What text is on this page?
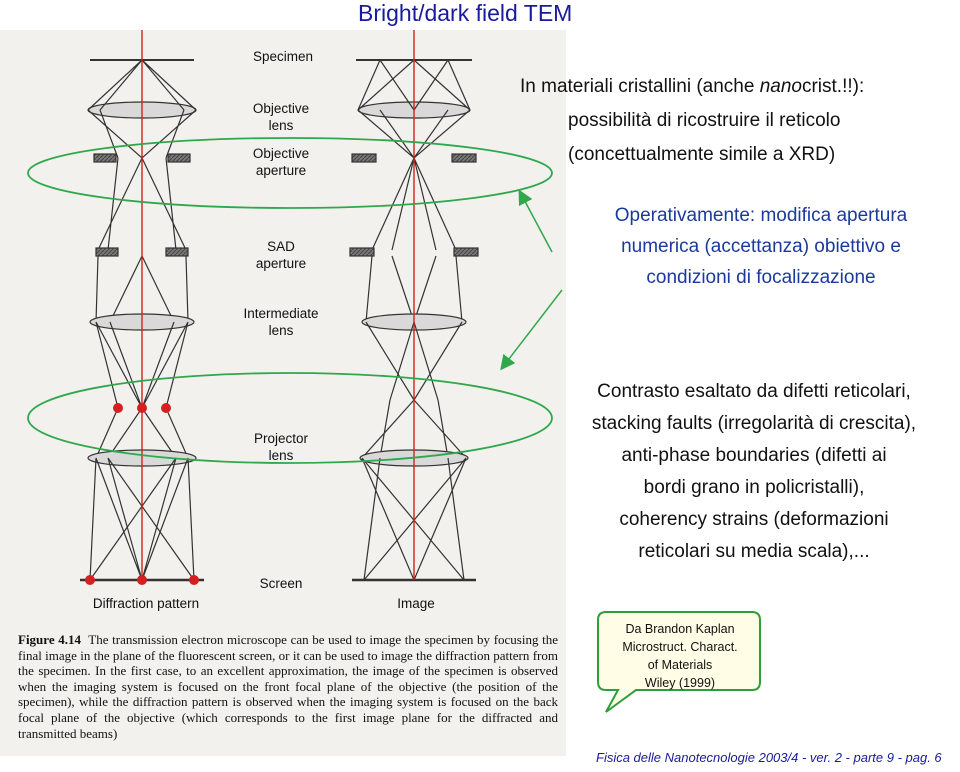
Bright/dark field TEM
Specimen
Objective
lens
Objective
aperture
SAD
aperture
Intermediate
lens
Projector
lens
Screen
Diffraction pattern	Image
Figure 4.14 The transmission electron microscope can be used to image the specimen by focusing the final image in the plane of the fluorescent screen, or it can be used to image the diffraction pattern from the specimen. In the first case, to an excellent approximation, the image of the specimen is observed when the imaging system is focused on the front focal plane of the objective (the position of the specimen), while the diffraction pattern is observed when the imaging system is focused on the back focal plane of the objective (which corresponds to the first image plane for the diffracted and transmitted beams)
In materiali cristallini (anche nanocrist.!!):
possibilità di ricostruire il reticolo
(concettualmente simile a XRD)
Operativamente: modifica apertura
numerica (accettanza) obiettivo e
condizioni di focalizzazione
Contrasto esaltato da difetti reticolari,
stacking faults (irregolarità di crescita),
anti-phase boundaries (difetti ai
bordi grano in policristalli),
coherency strains (deformazioni
reticolari su media scala),...
Da Brandon Kaplan
Microstruct. Charact.
of Materials
Wiley (1999)
Fisica delle Nanotecnologie 2003/4 - ver. 2 - parte 9 - pag. 6
